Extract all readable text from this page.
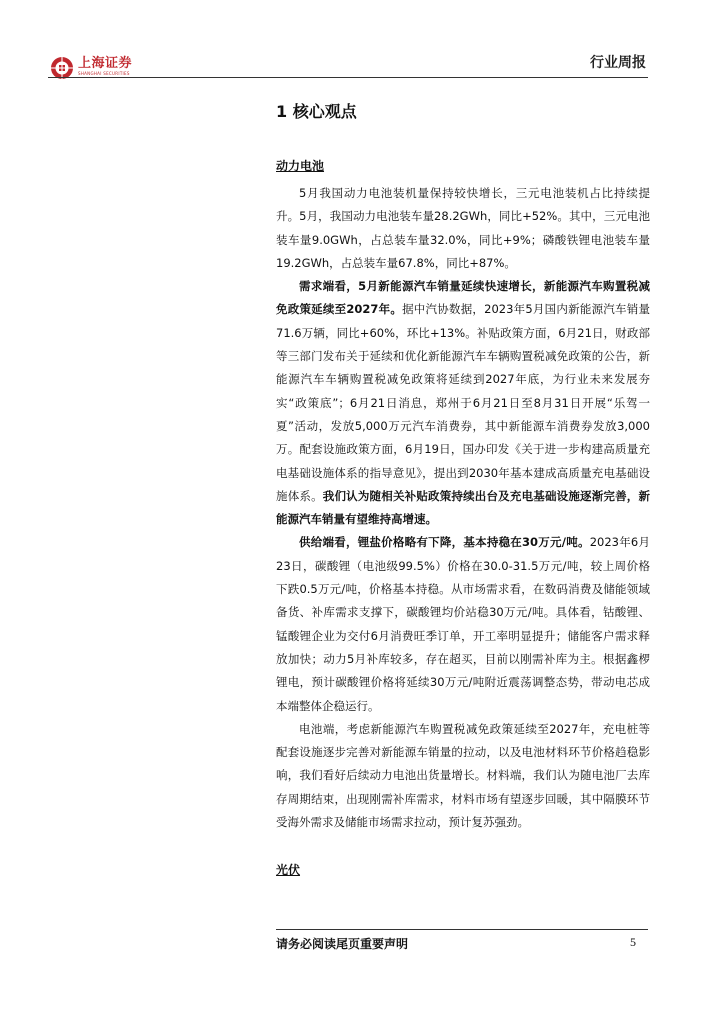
上海证券
SHANGHAI SECURITIES
行业周报
1 核心观点
动力电池

5月我国动力电池装机量保持较快增长，三元电池装机占比持续提升。5月，我国动力电池装车量28.2GWh，同比+52%。其中，三元电池装车量9.0GWh，占总装车量32.0%，同比+9%；磷酸铁锂电池装车量19.2GWh，占总装车量67.8%，同比+87%。

需求端看，5月新能源汽车销量延续快速增长，新能源汽车购置税减免政策延续至2027年。据中汽协数据，2023年5月国内新能源汽车销量71.6万辆，同比+60%，环比+13%。补贴政策方面，6月21日，财政部等三部门发布关于延续和优化新能源汽车车辆购置税减免政策的公告，新能源汽车车辆购置税减免政策将延续到2027年底，为行业未来发展夯实“政策底”；6月21日消息，郑州于6月21日至8月31日开展“乐驾一夏”活动，发放5,000万元汽车消费券，其中新能源车消费券发放3,000万。配套设施政策方面，6月19日，国办印发《关于进一步构建高质量充电基础设施体系的指导意见》，提出到2030年基本建成高质量充电基础设施体系。我们认为随相关补贴政策持续出台及充电基础设施逐渐完善，新能源汽车销量有望维持高增速。

供给端看，锂盐价格略有下降，基本持稳在30万元/吨。2023年6月23日，碳酸锂（电池级99.5%）价格在30.0-31.5万元/吨，较上周价格下跌0.5万元/吨，价格基本持稳。从市场需求看，在数码消费及储能领域备货、补库需求支撑下，碳酸锂均价站稳30万元/吨。具体看，钴酸锂、锰酸锂企业为交付6月消费旺季订单，开工率明显提升；储能客户需求释放加快；动力5月补库较多，存在超买，目前以刚需补库为主。根据鑫椤锂电，预计碳酸锂价格将延续30万元/吨附近震荡调整态势，带动电芯成本端整体企稳运行。

电池端，考虑新能源汽车购置税减免政策延续至2027年，充电桩等配套设施逐步完善对新能源车销量的拉动，以及电池材料环节价格趋稳影响，我们看好后续动力电池出货量增长。材料端，我们认为随电池厂去库存周期结束，出现刚需补库需求，材料市场有望逐步回暖，其中隔膜环节受海外需求及储能市场需求拉动，预计复苏强劲。

光伏
请务必阅读尾页重要声明	5
